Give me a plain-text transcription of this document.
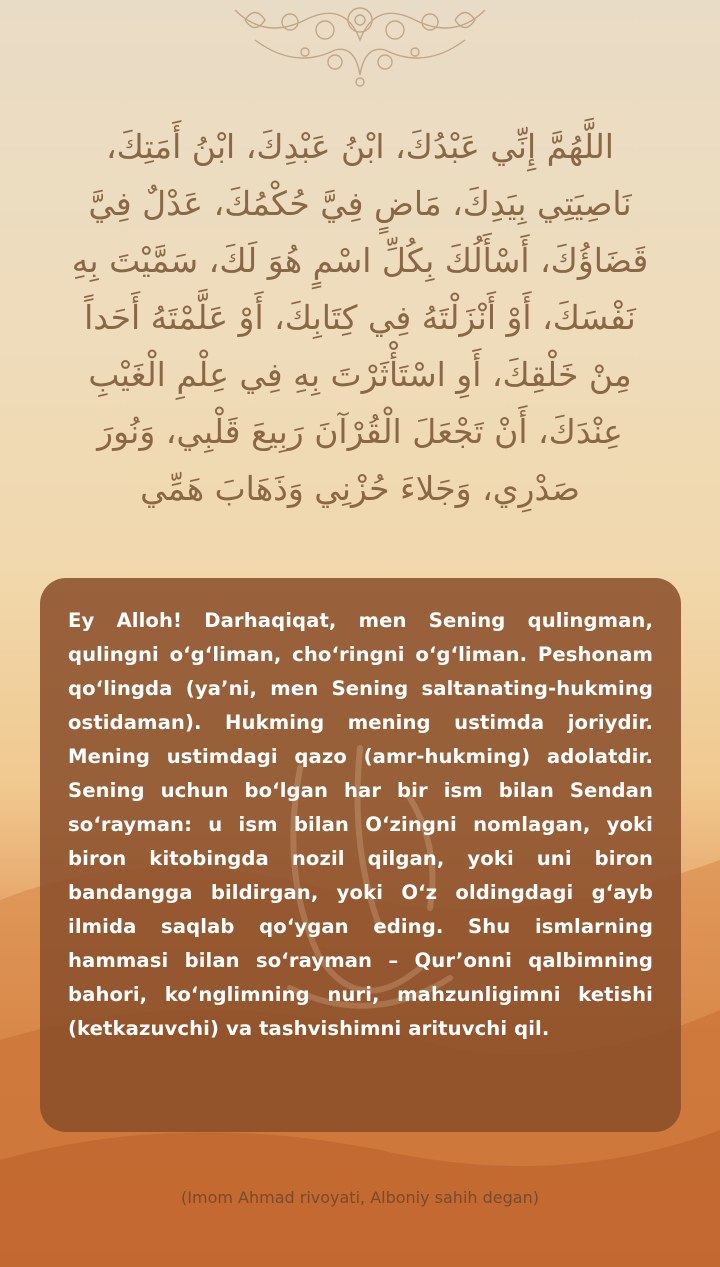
اللَّهُمَّ إِنِّي عَبْدُكَ، ابْنُ عَبْدِكَ، ابْنُ أَمَتِكَ، نَاصِيَتِي بِيَدِكَ، مَاضٍ فِيَّ حُكْمُكَ، عَدْلٌ فِيَّ قَضَاؤُكَ، أَسْأَلُكَ بِكُلِّ اسْمٍ هُوَ لَكَ، سَمَّيْتَ بِهِ نَفْسَكَ، أَوْ أَنْزَلْتَهُ فِي كِتَابِكَ، أَوْ عَلَّمْتَهُ أَحَداً مِنْ خَلْقِكَ، أَوِ اسْتَأْثَرْتَ بِهِ فِي عِلْمِ الْغَيْبِ عِنْدَكَ، أَنْ تَجْعَلَ الْقُرْآنَ رَبِيعَ قَلْبِي، وَنُورَ صَدْرِي، وَجَلاءَ حُزْنِي وَذَهَابَ هَمِّي

Ey Alloh! Darhaqiqat, men Sening qulingman, qulingni o‘g‘liman, cho‘ringni o‘g‘liman. Peshonam qo‘lingda (ya’ni, men Sening saltanating-hukming ostidaman). Hukming mening ustimda joriydir. Mening ustimdagi qazo (amr-hukming) adolatdir. Sening uchun bo‘lgan har bir ism bilan Sendan so‘rayman: u ism bilan O‘zingni nomlagan, yoki biron kitobingda nozil qilgan, yoki uni biron bandangga bildirgan, yoki O‘z oldingdagi g‘ayb ilmida saqlab qo‘ygan eding. Shu ismlarning hammasi bilan so‘rayman – Qur’onni qalbimning bahori, ko‘nglimning nuri, mahzunligimni ketishi (ketkazuvchi) va tashvishimni arituvchi qil.

(Imom Ahmad rivoyati, Alboniy sahih degan)
